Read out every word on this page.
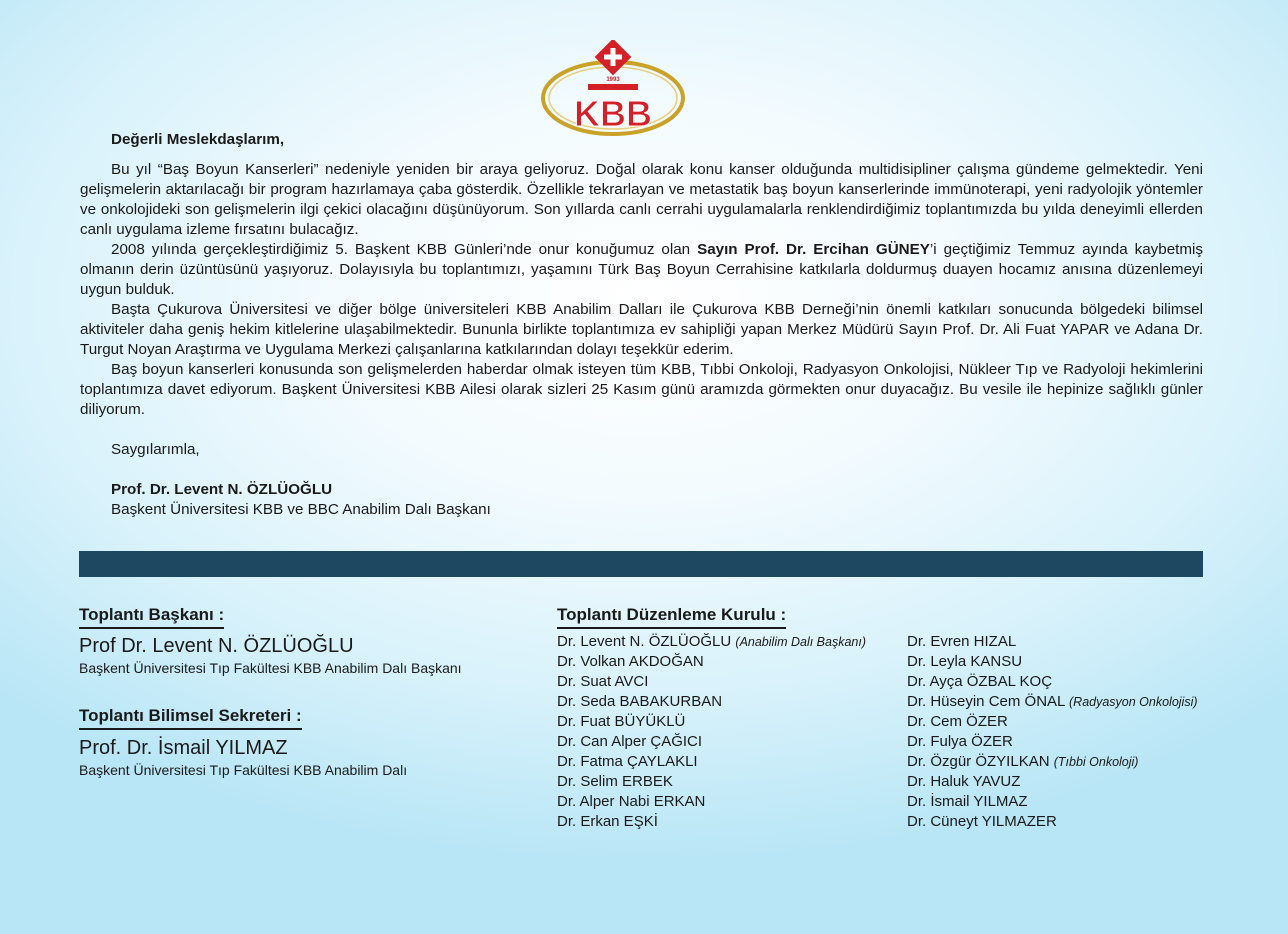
1993
KBB

Değerli Meslekdaşlarım,

Bu yıl “Baş Boyun Kanserleri” nedeniyle yeniden bir araya geliyoruz. Doğal olarak konu kanser olduğunda multidisipliner çalışma gündeme gelmektedir. Yeni gelişmelerin aktarılacağı bir program hazırlamaya çaba gösterdik. Özellikle tekrarlayan ve metastatik baş boyun kanserlerinde immünoterapi, yeni radyolojik yöntemler ve onkolojideki son gelişmelerin ilgi çekici olacağını düşünüyorum. Son yıllarda canlı cerrahi uygulamalarla renklendirdiğimiz toplantımızda bu yılda deneyimli ellerden canlı uygulama izleme fırsatını bulacağız.

2008 yılında gerçekleştirdiğimiz 5. Başkent KBB Günleri’nde onur konuğumuz olan Sayın Prof. Dr. Ercihan GÜNEY’i geçtiğimiz Temmuz ayında kaybetmiş olmanın derin üzüntüsünü yaşıyoruz. Dolayısıyla bu toplantımızı, yaşamını Türk Baş Boyun Cerrahisine katkılarla doldurmuş duayen hocamız anısına düzenlemeyi uygun bulduk.

Başta Çukurova Üniversitesi ve diğer bölge üniversiteleri KBB Anabilim Dalları ile Çukurova KBB Derneği’nin önemli katkıları sonucunda bölgedeki bilimsel aktiviteler daha geniş hekim kitlelerine ulaşabilmektedir. Bununla birlikte toplantımıza ev sahipliği yapan Merkez Müdürü Sayın Prof. Dr. Ali Fuat YAPAR ve Adana Dr. Turgut Noyan Araştırma ve Uygulama Merkezi çalışanlarına katkılarından dolayı teşekkür ederim.

Baş boyun kanserleri konusunda son gelişmelerden haberdar olmak isteyen tüm KBB, Tıbbi Onkoloji, Radyasyon Onkolojisi, Nükleer Tıp ve Radyoloji hekimlerini toplantımıza davet ediyorum. Başkent Üniversitesi KBB Ailesi olarak sizleri 25 Kasım günü aramızda görmekten onur duyacağız. Bu vesile ile hepinize sağlıklı günler diliyorum.

Saygılarımla,

Prof. Dr. Levent N. ÖZLÜOĞLU

Başkent Üniversitesi KBB ve BBC Anabilim Dalı Başkanı

Toplantı Başkanı :
Prof Dr. Levent N. ÖZLÜOĞLU
Başkent Üniversitesi Tıp Fakültesi KBB Anabilim Dalı Başkanı
Toplantı Bilimsel Sekreteri :
Prof. Dr. İsmail YILMAZ
Başkent Üniversitesi Tıp Fakültesi KBB Anabilim Dalı
Toplantı Düzenleme Kurulu :
Dr. Levent N. ÖZLÜOĞLU (Anabilim Dalı Başkanı)
Dr. Volkan AKDOĞAN
Dr. Suat AVCI
Dr. Seda BABAKURBAN
Dr. Fuat BÜYÜKLÜ
Dr. Can Alper ÇAĞICI
Dr. Fatma ÇAYLAKLI
Dr. Selim ERBEK
Dr. Alper Nabi ERKAN
Dr. Erkan EŞKİ
Dr. Evren HIZAL
Dr. Leyla KANSU
Dr. Ayça ÖZBAL KOÇ
Dr. Hüseyin Cem ÖNAL (Radyasyon Onkolojisi)
Dr. Cem ÖZER
Dr. Fulya ÖZER
Dr. Özgür ÖZYILKAN (Tıbbi Onkoloji)
Dr. Haluk YAVUZ
Dr. İsmail YILMAZ
Dr. Cüneyt YILMAZER
